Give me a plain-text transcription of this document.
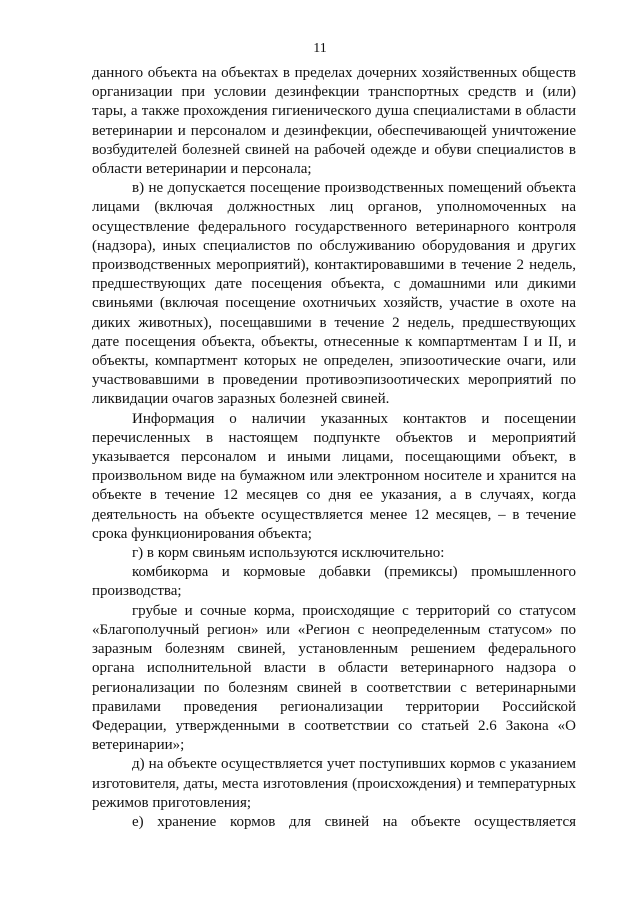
11

данного объекта на объектах в пределах дочерних хозяйственных обществ организации при условии дезинфекции транспортных средств и (или) тары, а также прохождения гигиенического душа специалистами в области ветеринарии и персоналом и дезинфекции, обеспечивающей уничтожение возбудителей болезней свиней на рабочей одежде и обуви специалистов в области ветеринарии и персонала;

в) не допускается посещение производственных помещений объекта лицами (включая должностных лиц органов, уполномоченных на осуществление федерального государственного ветеринарного контроля (надзора), иных специалистов по обслуживанию оборудования и других производственных мероприятий), контактировавшими в течение 2 недель, предшествующих дате посещения объекта, с домашними или дикими свиньями (включая посещение охотничьих хозяйств, участие в охоте на диких животных), посещавшими в течение 2 недель, предшествующих дате посещения объекта, объекты, отнесенные к компартментам I и II, и объекты, компартмент которых не определен, эпизоотические очаги, или участвовавшими в проведении противоэпизоотических мероприятий по ликвидации очагов заразных болезней свиней.

Информация о наличии указанных контактов и посещении перечисленных в настоящем подпункте объектов и мероприятий указывается персоналом и иными лицами, посещающими объект, в произвольном виде на бумажном или электронном носителе и хранится на объекте в течение 12 месяцев со дня ее указания, а в случаях, когда деятельность на объекте осуществляется менее 12 месяцев, – в течение срока функционирования объекта;

г) в корм свиньям используются исключительно:

комбикорма и кормовые добавки (премиксы) промышленного производства;

грубые и сочные корма, происходящие с территорий со статусом «Благополучный регион» или «Регион с неопределенным статусом» по заразным болезням свиней, установленным решением федерального органа исполнительной власти в области ветеринарного надзора о регионализации по болезням свиней в соответствии с ветеринарными правилами проведения регионализации территории Российской Федерации, утвержденными в соответствии со статьей 2.6 Закона «О ветеринарии»;

д) на объекте осуществляется учет поступивших кормов с указанием изготовителя, даты, места изготовления (происхождения) и температурных режимов приготовления;

е) хранение кормов для свиней на объекте осуществляется
